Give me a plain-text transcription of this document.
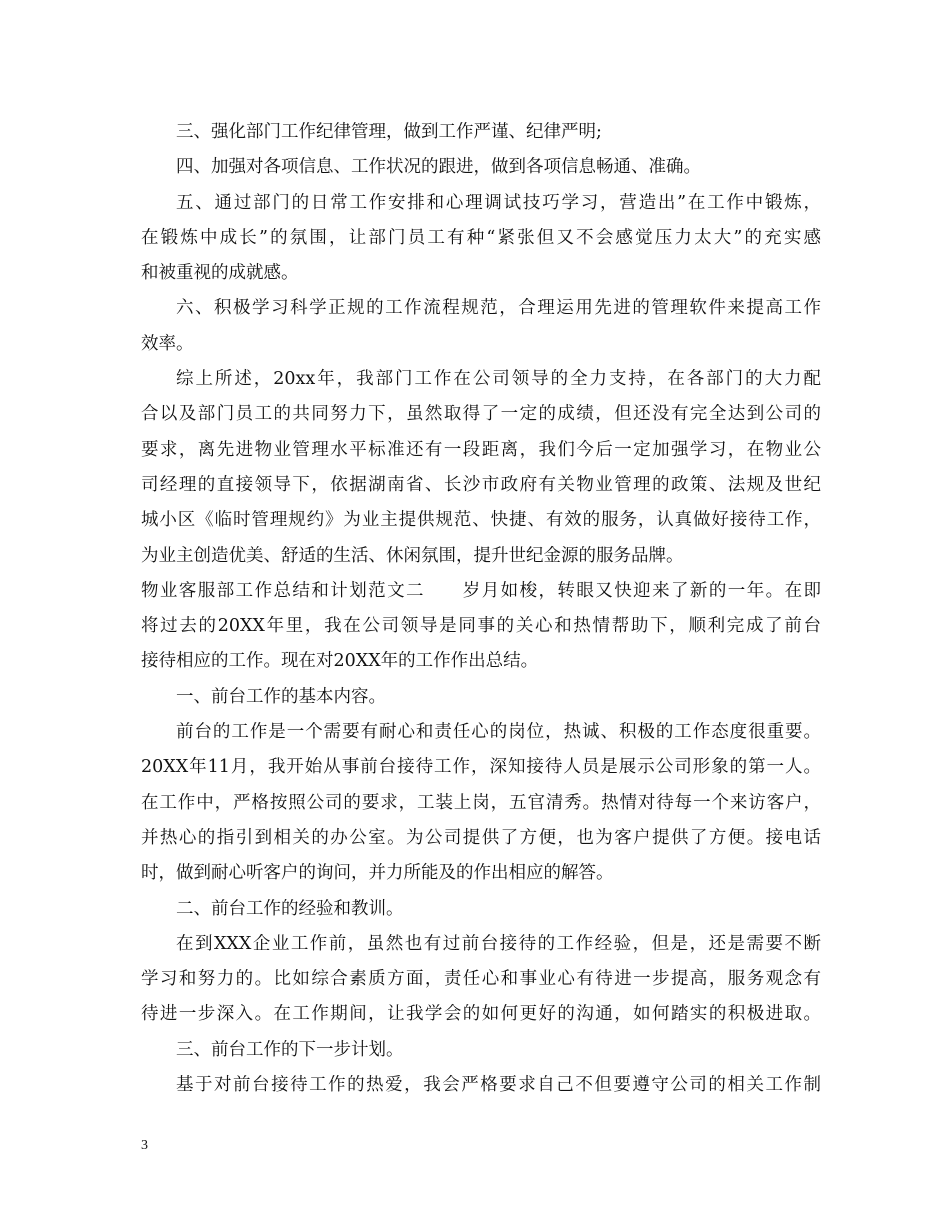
三、强化部门工作纪律管理，做到工作严谨、纪律严明;
四、加强对各项信息、工作状况的跟进，做到各项信息畅通、准确。
五、通过部门的日常工作安排和心理调试技巧学习，营造出”在工作中锻炼，
在锻炼中成长”的氛围，让部门员工有种“紧张但又不会感觉压力太大”的充实感
和被重视的成就感。
六、积极学习科学正规的工作流程规范，合理运用先进的管理软件来提高工作
效率。
综上所述，20xx年，我部门工作在公司领导的全力支持，在各部门的大力配
合以及部门员工的共同努力下，虽然取得了一定的成绩，但还没有完全达到公司的
要求，离先进物业管理水平标准还有一段距离，我们今后一定加强学习，在物业公
司经理的直接领导下，依据湖南省、长沙市政府有关物业管理的政策、法规及世纪
城小区《临时管理规约》为业主提供规范、快捷、有效的服务，认真做好接待工作，
为业主创造优美、舒适的生活、休闲氛围，提升世纪金源的服务品牌。
物业客服部工作总结和计划范文二　　岁月如梭，转眼又快迎来了新的一年。在即
将过去的20XX年里，我在公司领导是同事的关心和热情帮助下，顺利完成了前台
接待相应的工作。现在对20XX年的工作作出总结。
一、前台工作的基本内容。
前台的工作是一个需要有耐心和责任心的岗位，热诚、积极的工作态度很重要。
20XX年11月，我开始从事前台接待工作，深知接待人员是展示公司形象的第一人。
在工作中，严格按照公司的要求，工装上岗，五官清秀。热情对待每一个来访客户，
并热心的指引到相关的办公室。为公司提供了方便，也为客户提供了方便。接电话
时，做到耐心听客户的询问，并力所能及的作出相应的解答。
二、前台工作的经验和教训。
在到XXX企业工作前，虽然也有过前台接待的工作经验，但是，还是需要不断
学习和努力的。比如综合素质方面，责任心和事业心有待进一步提高，服务观念有
待进一步深入。在工作期间，让我学会的如何更好的沟通，如何踏实的积极进取。
三、前台工作的下一步计划。
基于对前台接待工作的热爱，我会严格要求自己不但要遵守公司的相关工作制
3
